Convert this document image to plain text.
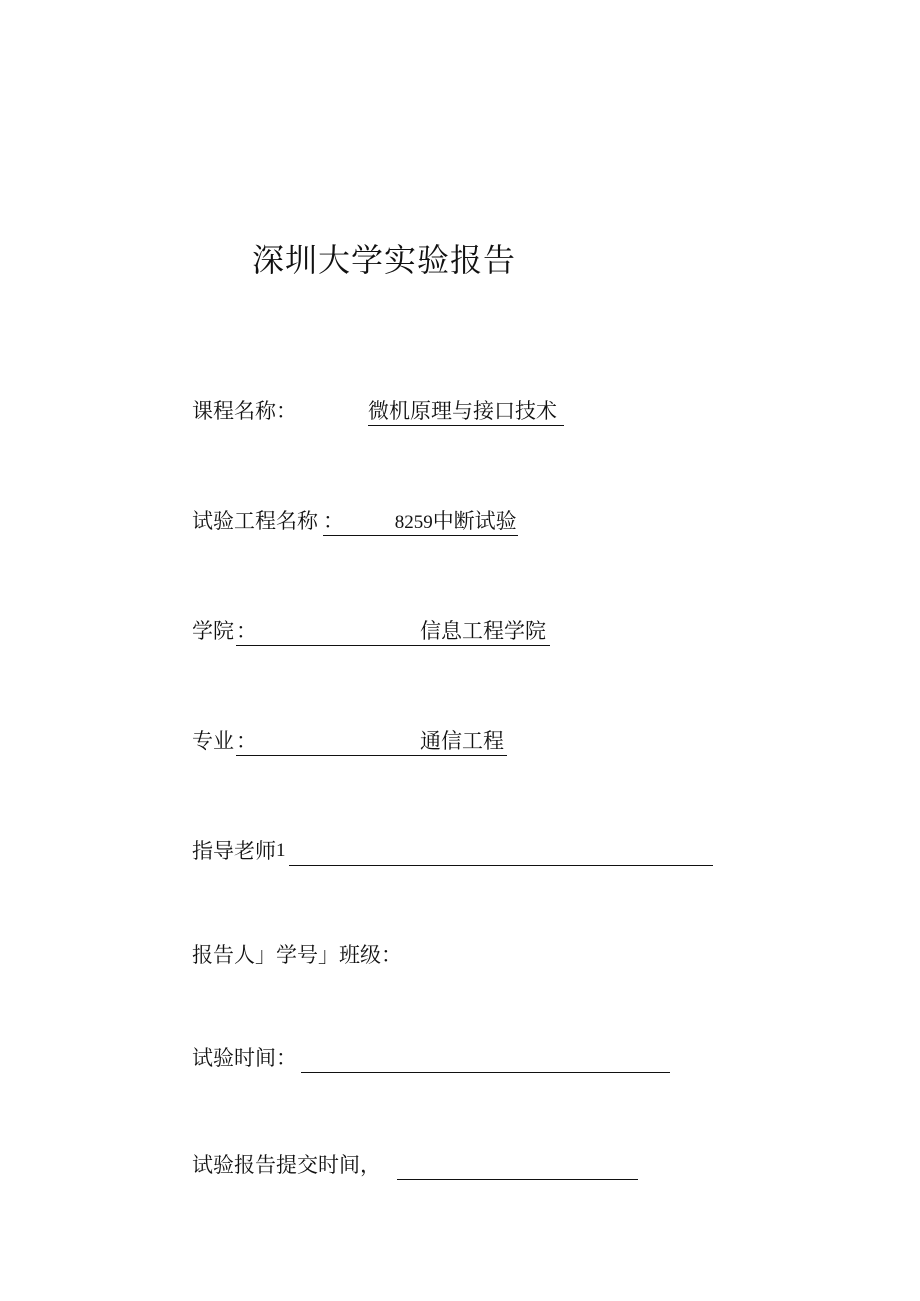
深圳大学实验报告
课程名称：	微机原理与接口技术
试验工程名称 ：	8259中断试验
学院 ：	信息工程学院
专业 ：	通信工程
指导老师1
报告人」学号」班级：
试验时间：
试验报告提交时间，
